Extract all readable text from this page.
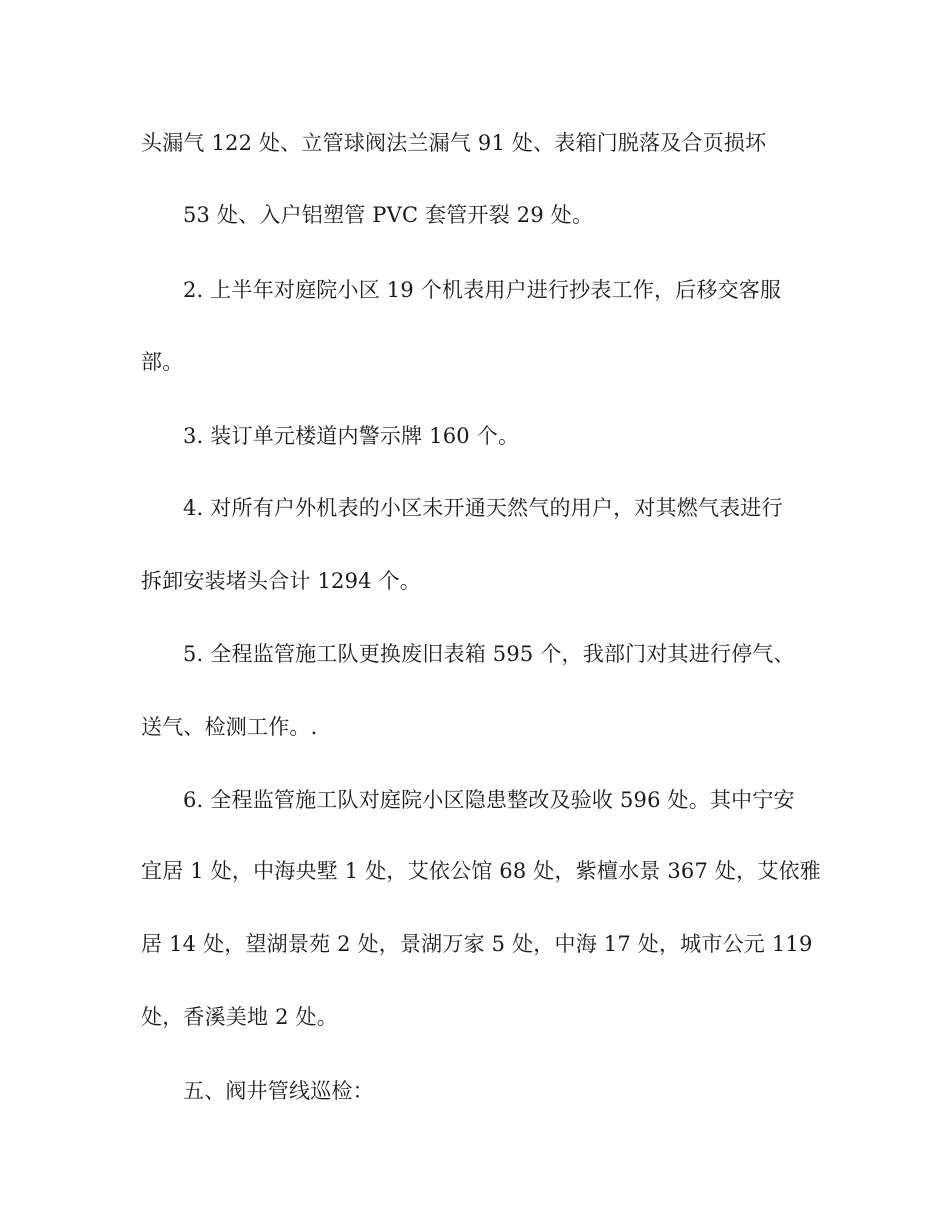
头漏气 122 处、立管球阀法兰漏气 91 处、表箱门脱落及合页损坏
53 处、入户铝塑管 PVC 套管开裂 29 处。
2. 上半年对庭院小区 19 个机表用户进行抄表工作，后移交客服
部。
3. 装订单元楼道内警示牌 160 个。
4. 对所有户外机表的小区未开通天然气的用户，对其燃气表进行
拆卸安装堵头合计 1294 个。
5. 全程监管施工队更换废旧表箱 595 个，我部门对其进行停气、
送气、检测工作。.
6. 全程监管施工队对庭院小区隐患整改及验收 596 处。其中宁安
宜居 1 处，中海央墅 1 处，艾依公馆 68 处，紫檀水景 367 处，艾依雅
居 14 处，望湖景苑 2 处，景湖万家 5 处，中海 17 处，城市公元 119
处，香溪美地 2 处。
五、阀井管线巡检：
